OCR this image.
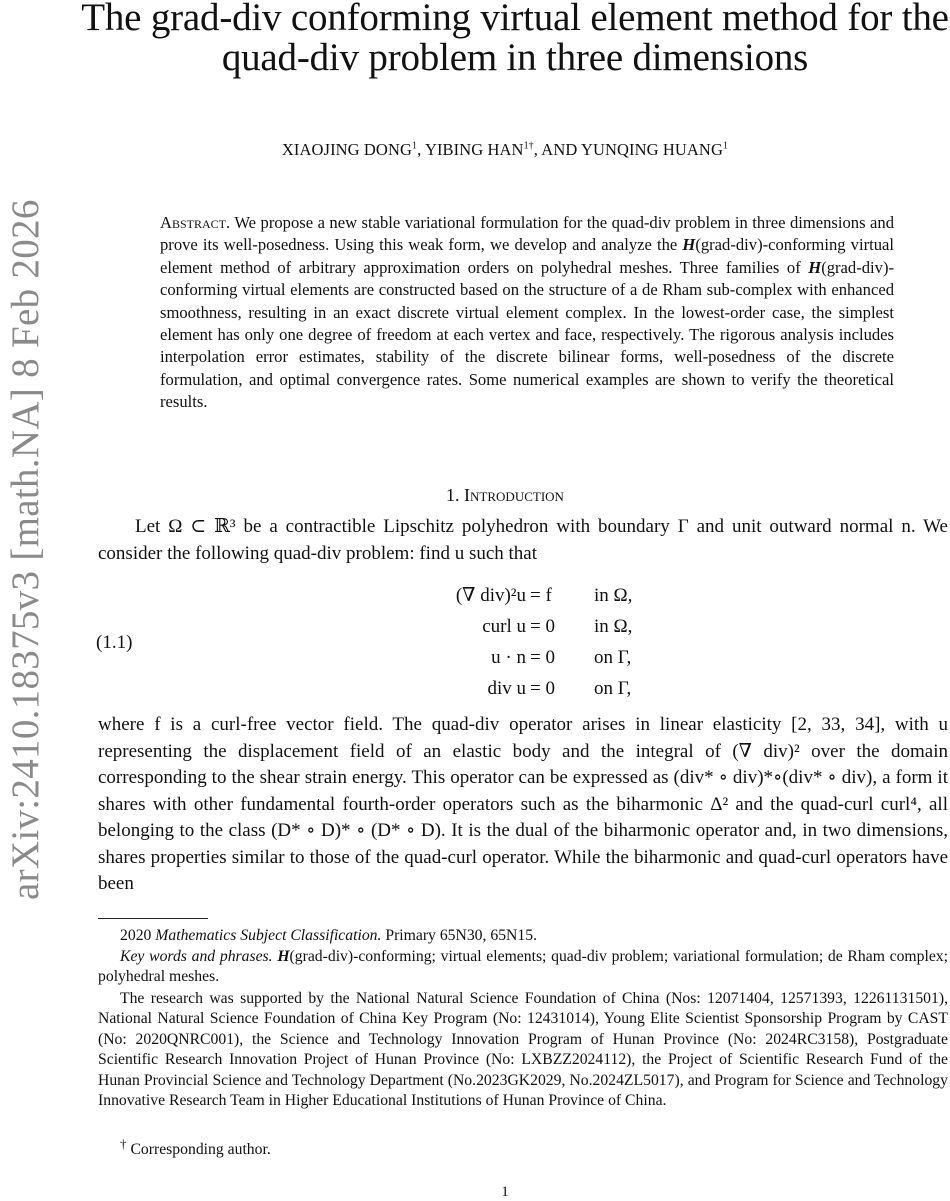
arXiv:2410.18375v3 [math.NA] 8 Feb 2026
The grad-div conforming virtual element method for the
quad-div problem in three dimensions
XIAOJING DONG$^1$, YIBING $HAN^{1\dagger}$, AND YUNQING HUANG$^1$
Abstract. We propose a new stable variational formulation for the quad-div problem in three dimensions and prove its well-posedness. Using this weak form, we develop and analyze the H(grad-div)-conforming virtual element method of arbitrary approximation orders on polyhedral meshes. Three families of H(grad-div)-conforming virtual elements are constructed based on the structure of a de Rham sub-complex with enhanced smoothness, resulting in an exact discrete virtual element complex. In the lowest-order case, the simplest element has only one degree of freedom at each vertex and face, respectively. The rigorous analysis includes interpolation error estimates, stability of the discrete bilinear forms, well-posedness of the discrete formulation, and optimal convergence rates. Some numerical examples are shown to verify the theoretical results.
1. Introduction
Let Ω ⊂ ℝ³ be a contractible Lipschitz polyhedron with boundary Γ and unit outward normal n. We consider the following quad-div problem: find u such that
(1.1)
(∇ div)²u = f	in Ω,
curl u = 0	in Ω,
u · n = 0	on Γ,
div u = 0	on Γ,
where f is a curl-free vector field. The quad-div operator arises in linear elasticity [2, 33, 34], with u representing the displacement field of an elastic body and the integral of (∇ div)² over the domain corresponding to the shear strain energy. This operator can be expressed as (div* ∘ div)*∘(div* ∘ div), a form it shares with other fundamental fourth-order operators such as the biharmonic Δ² and the quad-curl curl⁴, all belonging to the class (D* ∘ D)* ∘ (D* ∘ D). It is the dual of the biharmonic operator and, in two dimensions, shares properties similar to those of the quad-curl operator. While the biharmonic and quad-curl operators have been
2020 Mathematics Subject Classification. Primary 65N30, 65N15.
Key words and phrases. H(grad-div)-conforming; virtual elements; quad-div problem; variational formulation; de Rham complex; polyhedral meshes.
The research was supported by the National Natural Science Foundation of China (Nos: 12071404, 12571393, 12261131501), National Natural Science Foundation of China Key Program (No: 12431014), Young Elite Scientist Sponsorship Program by CAST (No: 2020QNRC001), the Science and Technology Innovation Program of Hunan Province (No: 2024RC3158), Postgraduate Scientific Research Innovation Project of Hunan Province (No: LXBZZ2024112), the Project of Scientific Research Fund of the Hunan Provincial Science and Technology Department (No.2023GK2029, No.2024ZL5017), and Program for Science and Technology Innovative Research Team in Higher Educational Institutions of Hunan Province of China.
† Corresponding author.
1
